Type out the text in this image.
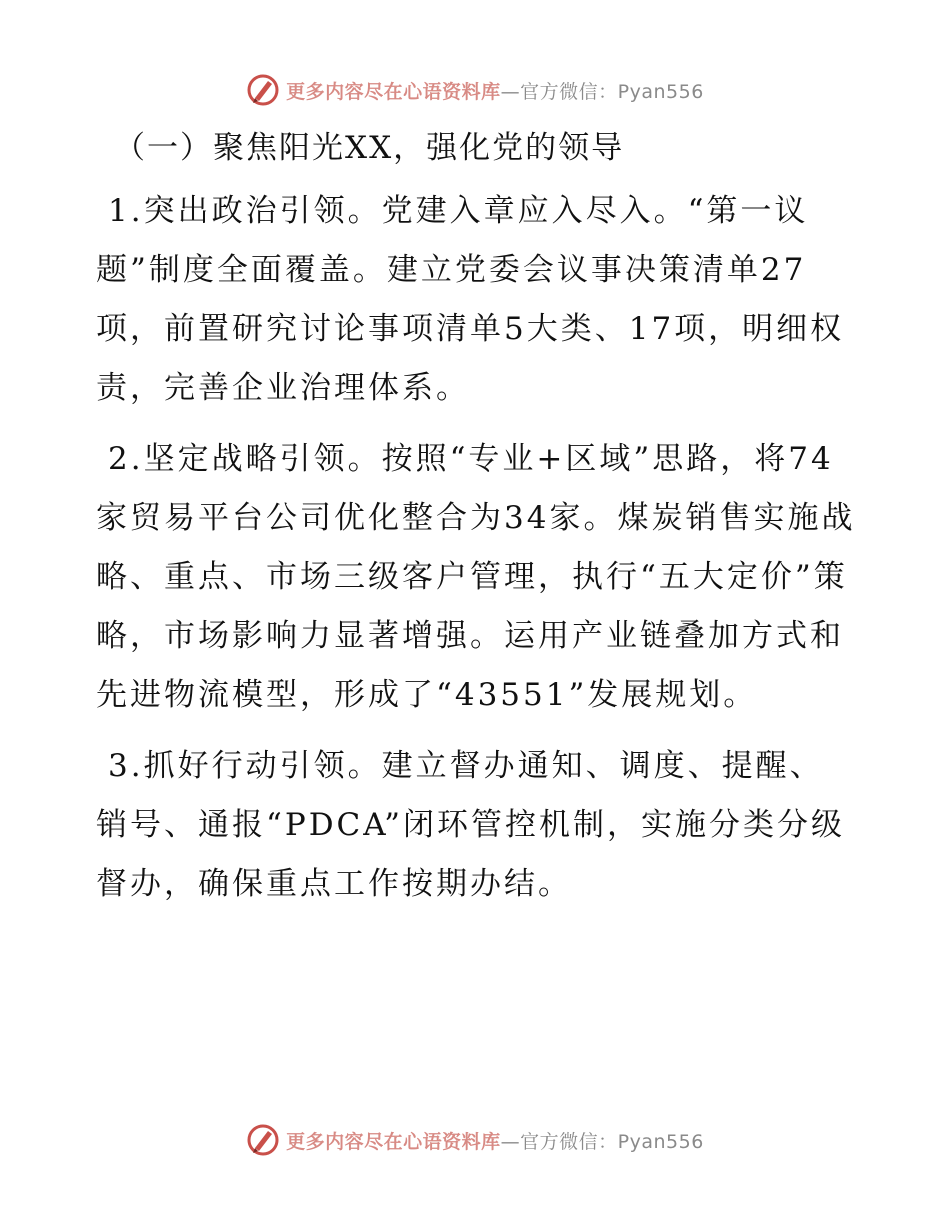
更多内容尽在心语资料库—官方微信：Pyan556
（一）聚焦阳光XX，强化党的领导

1.突出政治引领。党建入章应入尽入。“第一议题”制度全面覆盖。建立党委会议事决策清单27项，前置研究讨论事项清单5大类、17项，明细权责，完善企业治理体系。

2.坚定战略引领。按照“专业+区域”思路，将74家贸易平台公司优化整合为34家。煤炭销售实施战略、重点、市场三级客户管理，执行“五大定价”策略，市场影响力显著增强。运用产业链叠加方式和先进物流模型，形成了“43551”发展规划。

3.抓好行动引领。建立督办通知、调度、提醒、销号、通报“PDCA”闭环管控机制，实施分类分级督办，确保重点工作按期办结。

更多内容尽在心语资料库—官方微信：Pyan556
